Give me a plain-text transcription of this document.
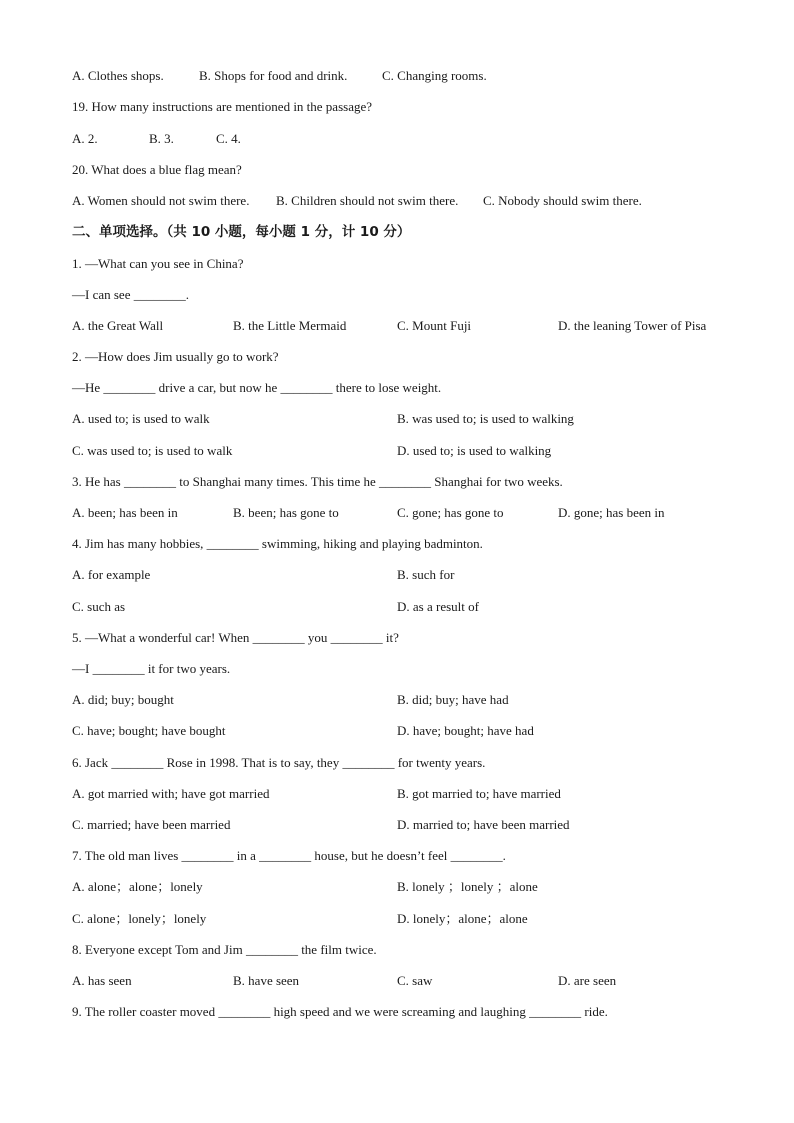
A. Clothes shops.	B. Shops for food and drink.	C. Changing rooms.
19. How many instructions are mentioned in the passage?
A. 2.	B. 3.	C. 4.
20. What does a blue flag mean?
A. Women should not swim there. B. Children should not swim there. C. Nobody should swim there.
二、单项选择。（共 10 小题，每小题 1 分，计 10 分）
1. —What can you see in China?
—I can see ________.
A. the Great Wall	B. the Little Mermaid	C. Mount Fuji	D. the leaning Tower of Pisa
2. —How does Jim usually go to work?
—He ________ drive a car, but now he ________ there to lose weight.
A. used to; is used to walk	B. was used to; is used to walking
C. was used to; is used to walk	D. used to; is used to walking
3. He has ________ to Shanghai many times. This time he ________ Shanghai for two weeks.
A. been; has been in	B. been; has gone to	C. gone; has gone to	D. gone; has been in
4. Jim has many hobbies, ________ swimming, hiking and playing badminton.
A. for example	B. such for
C. such as	D. as a result of
5. —What a wonderful car! When ________ you ________ it?
—I ________ it for two years.
A. did; buy; bought	B. did; buy; have had
C. have; bought; have bought	D. have; bought; have had
6. Jack ________ Rose in 1998. That is to say, they ________ for twenty years.
A. got married with; have got married	B. got married to; have married
C. married; have been married	D. married to; have been married
7. The old man lives ________ in a ________ house, but he doesn’t feel ________.
A. alone；alone；lonely	B. lonely ；lonely ；alone
C. alone；lonely；lonely	D. lonely；alone；alone
8. Everyone except Tom and Jim ________ the film twice.
A. has seen	B. have seen	C. saw	D. are seen
9. The roller coaster moved ________ high speed and we were screaming and laughing ________ ride.
